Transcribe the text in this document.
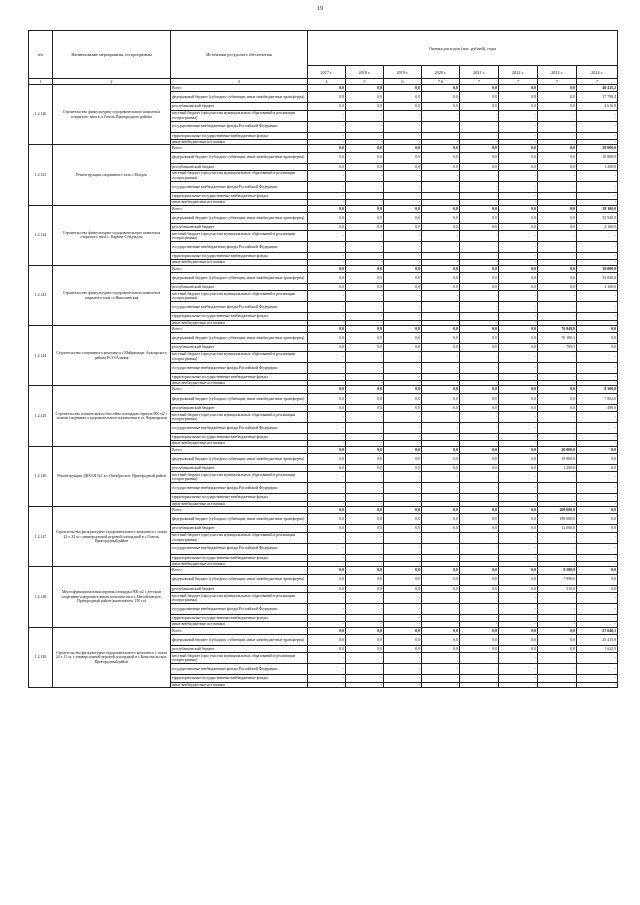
19
п/п	Наименование мероприятия, госпрограммы	Источники ресурсного обеспечения	Оценка расходов (тыс. рублей), годы							
			2017 г.	2018 г.	2019 г.	2020 г.	2021 г.	2022 г.	2023 г.	2024 г.
1	2	3	4	5	6	7.6	7	7	7	7
1.2.140	Строительство физкультурно-оздоровительного комплекса открытого типа в п.Гизель Пригородного района	Всего	0,0	0,0	0,0	0,0	0,0	0,0	0,0	40 415,2
		федеральный бюджет (субсидии, субвенции, иные межбюджетные трансферты)	0,0	0,0	0,0	0,0	0,0	0,0	0,0	37 798,4
		республиканский бюджет	0,0	0,0	0,0	0,0	0,0	0,0	0,0	2 616,8
		местный бюджет (при участии муниципальных образований в реализации госпрограммы)	-	-	-	-	-	-	-	-
		государственные внебюджетные фонды Российской Федерации	-	-	-	-	-	-	-	-
		территориальные государственные внебюджетные фонды	-	-	-	-	-	-	-	-
		иные внебюджетные источники	-	-	-	-	-	-	-	-
1.2.141	Реконструкция спортивного зала с.Моздок	Всего	0,0	0,0	0,0	0,0	0,0	0,0	0,0	20 000,0
		федеральный бюджет (субсидии, субвенции, иные межбюджетные трансферты)	0,0	0,0	0,0	0,0	0,0	0,0	0,0	18 800,0
		республиканский бюджет	0,0	0,0	0,0	0,0	0,0	0,0	0,0	1 200,0
		местный бюджет (при участии муниципальных образований в реализации госпрограммы)	-	-	-	-	-	-	-	-
		государственные внебюджетные фонды Российской Федерации	-	-	-	-	-	-	-	-
		территориальные государственные внебюджетные фонды	-	-	-	-	-	-	-	-
		иные внебюджетные источники	-	-	-	-	-	-	-	-
1.2.142	Строительство физкультурно-оздоровительного комплекса открытого типа с. Кармен-Сендзадзы	Всего	0,0	0,0	0,0	0,0	0,0	0,0	0,0	38 100,0
		федеральный бюджет (субсидии, субвенции, иные межбюджетные трансферты)	0,0	0,0	0,0	0,0	0,0	0,0	0,0	35 940,0
		республиканский бюджет	0,0	0,0	0,0	0,0	0,0	0,0	0,0	2 160,0
		местный бюджет (при участии муниципальных образований в реализации госпрограммы)	-	-	-	-	-	-	-	-
		государственные внебюджетные фонды Российской Федерации	-	-	-	-	-	-	-	-
		территориальные государственные внебюджетные фонды	-	-	-	-	-	-	-	-
		иные внебюджетные источники	-	-	-	-	-	-	-	-
1.2.143	Строительство физкультурно-оздоровительного комплекса открытого типа ст.Николаевская	Всего	0,0	0,0	0,0	0,0	0,0	0,0	0,0	36 000,0
		федеральный бюджет (субсидии, субвенции, иные межбюджетные трансферты)	0,0	0,0	0,0	0,0	0,0	0,0	0,0	33 840,0
		республиканский бюджет	0,0	0,0	0,0	0,0	0,0	0,0	0,0	2 160,0
		местный бюджет (при участии муниципальных образований в реализации госпрограммы)	-	-	-	-	-	-	-	-
		государственные внебюджетные фонды Российской Федерации	-	-	-	-	-	-	-	-
		территориальные государственные внебюджетные фонды	-	-	-	-	-	-	-	-
		иные внебюджетные источники	-	-	-	-	-	-	-	-
1.2.144	Строительство спортивного комплекса с.Майрамадаг Алагирского района РСО-Алания	Всего	0,0	0,0	0,0	0,0	0,0	0,0	76 949,8	0,0
		федеральный бюджет (субсидии, субвенции, иные межбюджетные трансферты)	0,0	0,0	0,0	0,0	0,0	0,0	76 180,3	0,0
		республиканский бюджет	0,0	0,0	0,0	0,0	0,0	0,0	769,5	0,0
		местный бюджет (при участии муниципальных образований в реализации госпрограммы)	-	-	-	-	-	-	-	-
		государственные внебюджетные фонды Российской Федерации	-	-	-	-	-	-	-	-
		территориальные государственные внебюджетные фонды	-	-	-	-	-	-	-	-
		иные внебюджетные источники	-	-	-	-	-	-	-	-
1.2.145	Строительство плавательного бассейна площадью зеркала 800 м2 с залами спортивно-оздоровительного назначения в ст. Черноярская	Всего	0,0	0,0	0,0	0,0	0,0	0,0	0,0	8 300,0
		федеральный бюджет (субсидии, субвенции, иные межбюджетные трансферты)	0,0	0,0	0,0	0,0	0,0	0,0	0,0	7 802,0
		республиканский бюджет	0,0	0,0	0,0	0,0	0,0	0,0	0,0	498,0
		местный бюджет (при участии муниципальных образований в реализации госпрограммы)	-	-	-	-	-	-	-	-
		государственные внебюджетные фонды Российской Федерации	-	-	-	-	-	-	-	-
		территориальные государственные внебюджетные фонды	-	-	-	-	-	-	-	-
		иные внебюджетные источники	-	-	-	-	-	-	-	-
1.2.146	Реконструкция ДЮСШ №1 в с.Октябрьское, Пригородный район	Всего	0,0	0,0	0,0	0,0	0,0	0,0	20 000,0	0,0
		федеральный бюджет (субсидии, субвенции, иные межбюджетные трансферты)	0,0	0,0	0,0	0,0	0,0	0,0	18 800,0	0,0
		республиканский бюджет	0,0	0,0	0,0	0,0	0,0	0,0	1 200,0	0,0
		местный бюджет (при участии муниципальных образований в реализации госпрограммы)	-	-	-	-	-	-	-	-
		государственные внебюджетные фонды Российской Федерации	-	-	-	-	-	-	-	-
		территориальные государственные внебюджетные фонды	-	-	-	-	-	-	-	-
		иные внебюджетные источники	-	-	-	-	-	-	-	-
1.2.147	Строительство физкультурно-оздоровительного комплекса с залом 42 х 24 м с универсальной игровой площадкой в с.Гизель, Пригородный район	Всего	0,0	0,0	0,0	0,0	0,0	0,0	200 000,0	0,0
		федеральный бюджет (субсидии, субвенции, иные межбюджетные трансферты)	0,0	0,0	0,0	0,0	0,0	0,0	188 000,0	0,0
		республиканский бюджет	0,0	0,0	0,0	0,0	0,0	0,0	12 000,0	0,0
		местный бюджет (при участии муниципальных образований в реализации госпрограммы)	-	-	-	-	-	-	-	-
		государственные внебюджетные фонды Российской Федерации	-	-	-	-	-	-	-	-
		территориальные государственные внебюджетные фонды	-	-	-	-	-	-	-	-
		иные внебюджетные источники	-	-	-	-	-	-	-	-
1.2.148	Многофункциональная игровая площадка 800 м2 с детским спортивно-оздоровительным комплексом в с.Михайловское, Пригородный район (комплектом, 150 га)	Всего	0,0	0,0	0,0	0,0	0,0	0,0	8 500,0	0,0
		федеральный бюджет (субсидии, субвенции, иные межбюджетные трансферты)	0,0	0,0	0,0	0,0	0,0	0,0	7 990,0	0,0
		республиканский бюджет	0,0	0,0	0,0	0,0	0,0	0,0	510,0	0,0
		местный бюджет (при участии муниципальных образований в реализации госпрограммы)	-	-	-	-	-	-	-	-
		государственные внебюджетные фонды Российской Федерации	-	-	-	-	-	-	-	-
		территориальные государственные внебюджетные фонды	-	-	-	-	-	-	-	-
		иные внебюджетные источники	-	-	-	-	-	-	-	-
1.2.149	Строительство физкультурно-оздоровительного комплекса с залом 24 х 15 м, с универсальной игровой площадкой в с.Комсомольское, Пригородный район	Всего	0,0	0,0	0,0	0,0	0,0	0,0	0,0	27 040,1
		федеральный бюджет (субсидии, субвенции, иные межбюджетные трансферты)	0,0	0,0	0,0	0,0	0,0	0,0	0,0	25 415,8
		республиканский бюджет	0,0	0,0	0,0	0,0	0,0	0,0	0,0	1 622,3
		местный бюджет (при участии муниципальных образований в реализации госпрограммы)	-	-	-	-	-	-	-	-
		государственные внебюджетные фонды Российской Федерации	-	-	-	-	-	-	-	-
		территориальные государственные внебюджетные фонды	-	-	-	-	-	-	-	-
		иные внебюджетные источники	-	-	-	-	-	-	-	-
